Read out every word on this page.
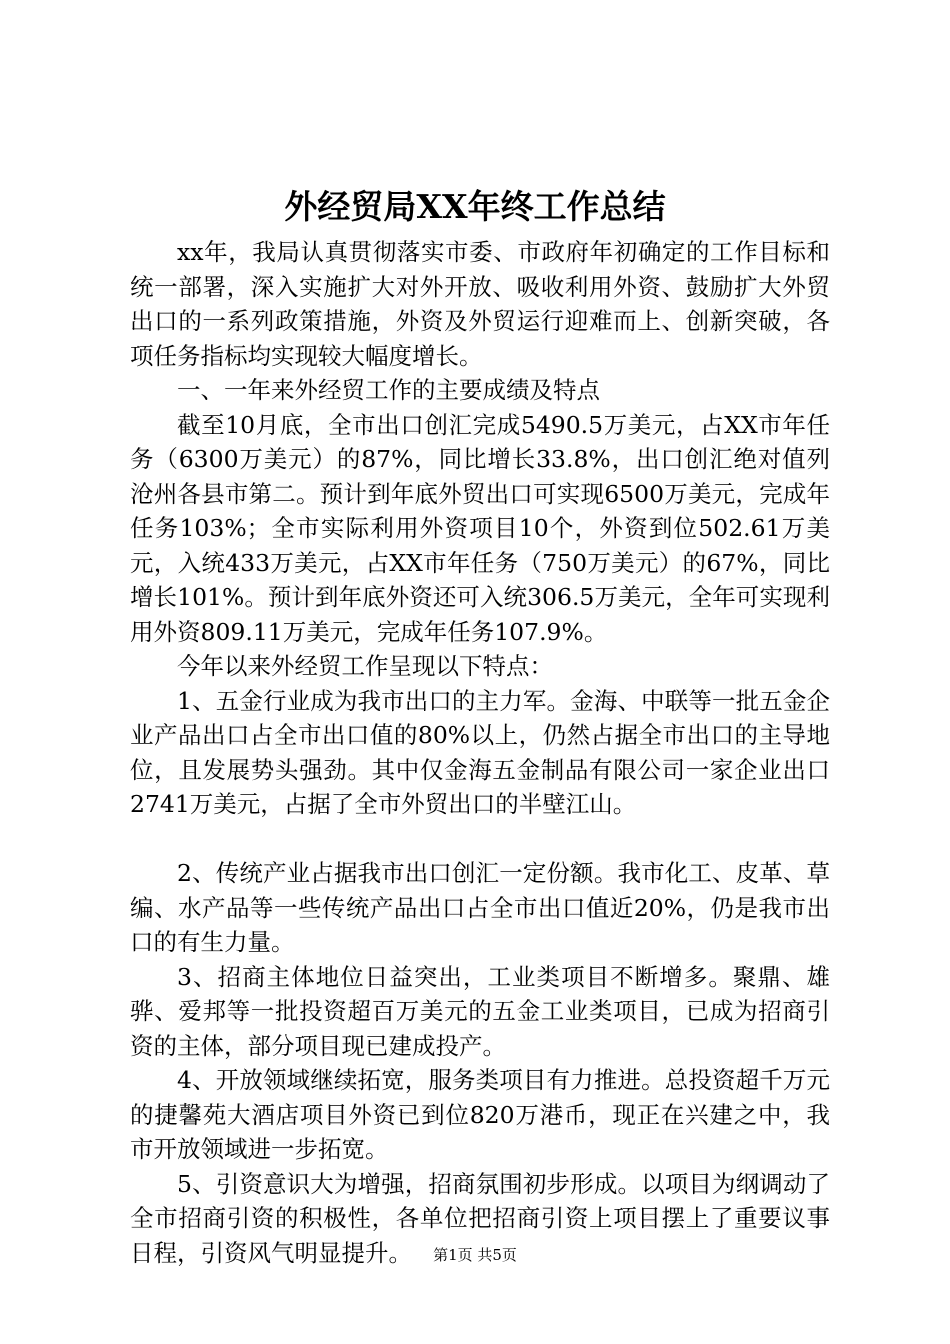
外经贸局XX年终工作总结

xx年，我局认真贯彻落实市委、市政府年初确定的工作目标和统一部署，深入实施扩大对外开放、吸收利用外资、鼓励扩大外贸出口的一系列政策措施，外资及外贸运行迎难而上、创新突破，各项任务指标均实现较大幅度增长。

一、一年来外经贸工作的主要成绩及特点

截至10月底，全市出口创汇完成5490.5万美元，占XX市年任务（6300万美元）的87%，同比增长33.8%，出口创汇绝对值列沧州各县市第二。预计到年底外贸出口可实现6500万美元，完成年任务103%；全市实际利用外资项目10个，外资到位502.61万美元，入统433万美元，占XX市年任务（750万美元）的67%，同比增长101%。预计到年底外资还可入统306.5万美元，全年可实现利用外资809.11万美元，完成年任务107.9%。

今年以来外经贸工作呈现以下特点：

1、五金行业成为我市出口的主力军。金海、中联等一批五金企业产品出口占全市出口值的80%以上，仍然占据全市出口的主导地位，且发展势头强劲。其中仅金海五金制品有限公司一家企业出口2741万美元，占据了全市外贸出口的半壁江山。

2、传统产业占据我市出口创汇一定份额。我市化工、皮革、草编、水产品等一些传统产品出口占全市出口值近20%，仍是我市出口的有生力量。

3、招商主体地位日益突出，工业类项目不断增多。聚鼎、雄骅、爱邦等一批投资超百万美元的五金工业类项目，已成为招商引资的主体，部分项目现已建成投产。

4、开放领域继续拓宽，服务类项目有力推进。总投资超千万元的捷馨苑大酒店项目外资已到位820万港币，现正在兴建之中，我市开放领域进一步拓宽。

5、引资意识大为增强，招商氛围初步形成。以项目为纲调动了全市招商引资的积极性，各单位把招商引资上项目摆上了重要议事日程，引资风气明显提升。	第1页 共5页
